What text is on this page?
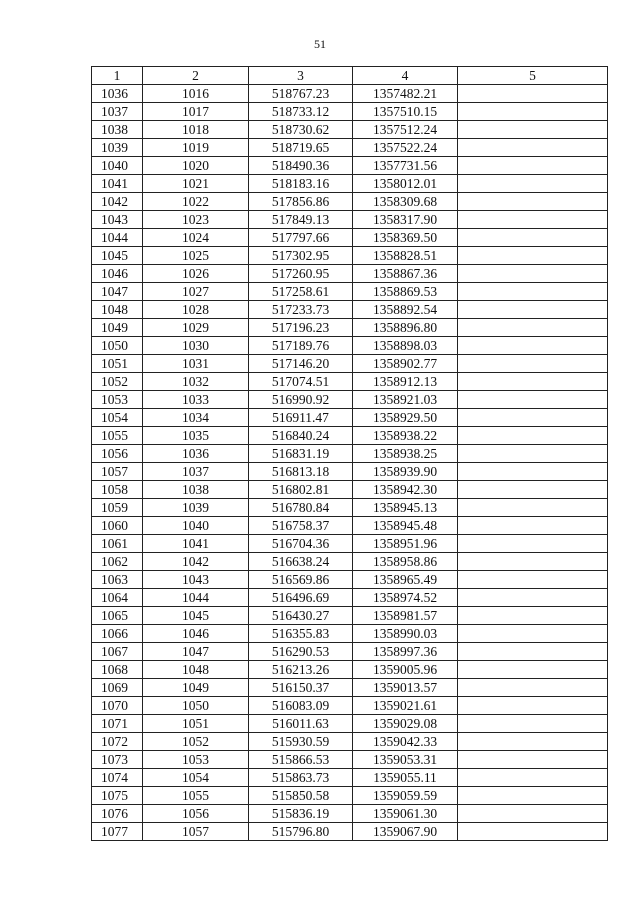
51
1	2	3	4	5
1036	1016	518767.23	1357482.21	
1037	1017	518733.12	1357510.15	
1038	1018	518730.62	1357512.24	
1039	1019	518719.65	1357522.24	
1040	1020	518490.36	1357731.56	
1041	1021	518183.16	1358012.01	
1042	1022	517856.86	1358309.68	
1043	1023	517849.13	1358317.90	
1044	1024	517797.66	1358369.50	
1045	1025	517302.95	1358828.51	
1046	1026	517260.95	1358867.36	
1047	1027	517258.61	1358869.53	
1048	1028	517233.73	1358892.54	
1049	1029	517196.23	1358896.80	
1050	1030	517189.76	1358898.03	
1051	1031	517146.20	1358902.77	
1052	1032	517074.51	1358912.13	
1053	1033	516990.92	1358921.03	
1054	1034	516911.47	1358929.50	
1055	1035	516840.24	1358938.22	
1056	1036	516831.19	1358938.25	
1057	1037	516813.18	1358939.90	
1058	1038	516802.81	1358942.30	
1059	1039	516780.84	1358945.13	
1060	1040	516758.37	1358945.48	
1061	1041	516704.36	1358951.96	
1062	1042	516638.24	1358958.86	
1063	1043	516569.86	1358965.49	
1064	1044	516496.69	1358974.52	
1065	1045	516430.27	1358981.57	
1066	1046	516355.83	1358990.03	
1067	1047	516290.53	1358997.36	
1068	1048	516213.26	1359005.96	
1069	1049	516150.37	1359013.57	
1070	1050	516083.09	1359021.61	
1071	1051	516011.63	1359029.08	
1072	1052	515930.59	1359042.33	
1073	1053	515866.53	1359053.31	
1074	1054	515863.73	1359055.11	
1075	1055	515850.58	1359059.59	
1076	1056	515836.19	1359061.30	
1077	1057	515796.80	1359067.90	
